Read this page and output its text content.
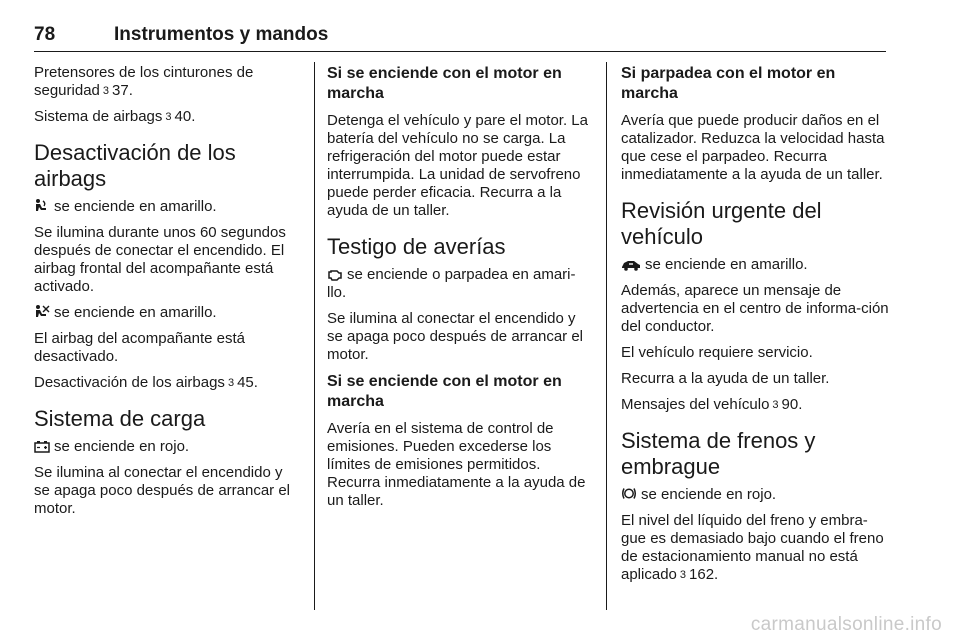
78	Instrumentos y mandos

Pretensores de los cinturones de seguridad 3 37.

Sistema de airbags 3 40.

Desactivación de los airbags

se enciende en amarillo.

Se ilumina durante unos 60 segundos después de conectar el encendido. El airbag frontal del acompañante está activado.

se enciende en amarillo.

El airbag del acompañante está desactivado.

Desactivación de los airbags 3 45.

Sistema de carga

se enciende en rojo.

Se ilumina al conectar el encendido y se apaga poco después de arrancar el motor.

Si se enciende con el motor en marcha

Detenga el vehículo y pare el motor. La batería del vehículo no se carga. La refrigeración del motor puede estar interrumpida. La unidad de servofreno puede perder eficacia. Recurra a la ayuda de un taller.

Testigo de averías

se enciende o parpadea en amari-llo.

Se ilumina al conectar el encendido y se apaga poco después de arrancar el motor.

Si se enciende con el motor en marcha

Avería en el sistema de control de emisiones. Pueden excederse los límites de emisiones permitidos. Recurra inmediatamente a la ayuda de un taller.

Si parpadea con el motor en marcha

Avería que puede producir daños en el catalizador. Reduzca la velocidad hasta que cese el parpadeo. Recurra inmediatamente a la ayuda de un taller.

Revisión urgente del vehículo

se enciende en amarillo.

Además, aparece un mensaje de advertencia en el centro de informa-ción del conductor.

El vehículo requiere servicio.

Recurra a la ayuda de un taller.

Mensajes del vehículo 3 90.

Sistema de frenos y embrague

se enciende en rojo.

El nivel del líquido del freno y embra-gue es demasiado bajo cuando el freno de estacionamiento manual no está aplicado 3 162.

carmanualsonline.info
